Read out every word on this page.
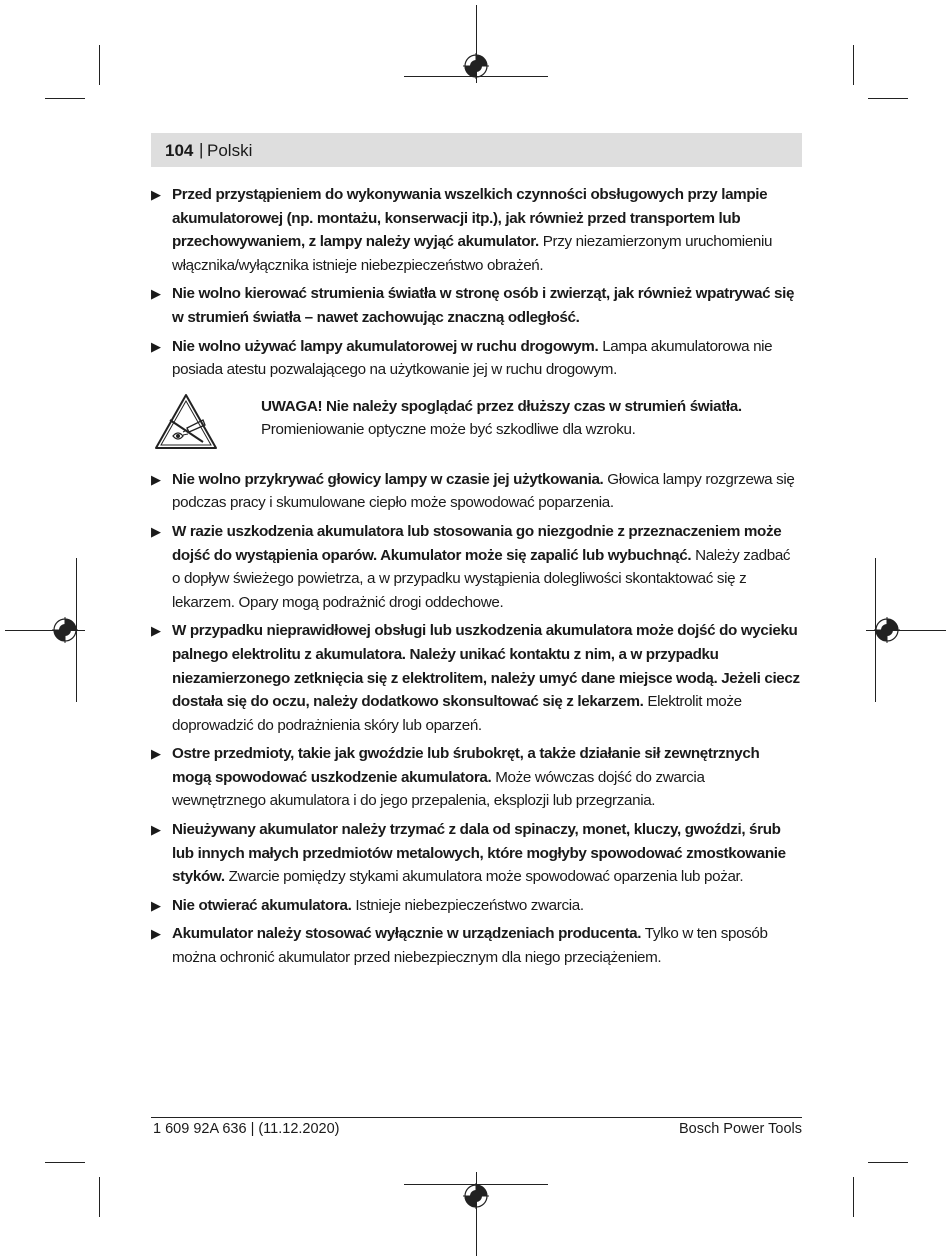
104 | Polski
▶ Przed przystąpieniem do wykonywania wszelkich czynności obsługowych przy lampie akumulatorowej (np. montażu, konserwacji itp.), jak również przed transportem lub przechowywaniem, z lampy należy wyjąć akumulator. Przy niezamierzonym uruchomieniu włącznika/wyłącznika istnieje niebezpieczeństwo obrażeń.
▶ Nie wolno kierować strumienia światła w stronę osób i zwierząt, jak również wpatrywać się w strumień światła – nawet zachowując znaczną odległość.
▶ Nie wolno używać lampy akumulatorowej w ruchu drogowym. Lampa akumulatorowa nie posiada atestu pozwalającego na użytkowanie jej w ruchu drogowym.
UWAGA! Nie należy spoglądać przez dłuższy czas w strumień światła. Promieniowanie optyczne może być szkodliwe dla wzroku.
▶ Nie wolno przykrywać głowicy lampy w czasie jej użytkowania. Głowica lampy rozgrzewa się podczas pracy i skumulowane ciepło może spowodować poparzenia.
▶ W razie uszkodzenia akumulatora lub stosowania go niezgodnie z przeznaczeniem może dojść do wystąpienia oparów. Akumulator może się zapalić lub wybuchnąć. Należy zadbać o dopływ świeżego powietrza, a w przypadku wystąpienia dolegliwości skontaktować się z lekarzem. Opary mogą podrażnić drogi oddechowe.
▶ W przypadku nieprawidłowej obsługi lub uszkodzenia akumulatora może dojść do wycieku palnego elektrolitu z akumulatora. Należy unikać kontaktu z nim, a w przypadku niezamierzonego zetknięcia się z elektrolitem, należy umyć dane miejsce wodą. Jeżeli ciecz dostała się do oczu, należy dodatkowo skonsultować się z lekarzem. Elektrolit może doprowadzić do podrażnienia skóry lub oparzeń.
▶ Ostre przedmioty, takie jak gwoździe lub śrubokręt, a także działanie sił zewnętrznych mogą spowodować uszkodzenie akumulatora. Może wówczas dojść do zwarcia wewnętrznego akumulatora i do jego przepalenia, eksplozji lub przegrzania.
▶ Nieużywany akumulator należy trzymać z dala od spinaczy, monet, kluczy, gwoździ, śrub lub innych małych przedmiotów metalowych, które mogłyby spowodować zmostkowanie styków. Zwarcie pomiędzy stykami akumulatora może spowodować oparzenia lub pożar.
▶ Nie otwierać akumulatora. Istnieje niebezpieczeństwo zwarcia.
▶ Akumulator należy stosować wyłącznie w urządzeniach producenta. Tylko w ten sposób można ochronić akumulator przed niebezpiecznym dla niego przeciążeniem.
1 609 92A 636 | (11.12.2020)	Bosch Power Tools
